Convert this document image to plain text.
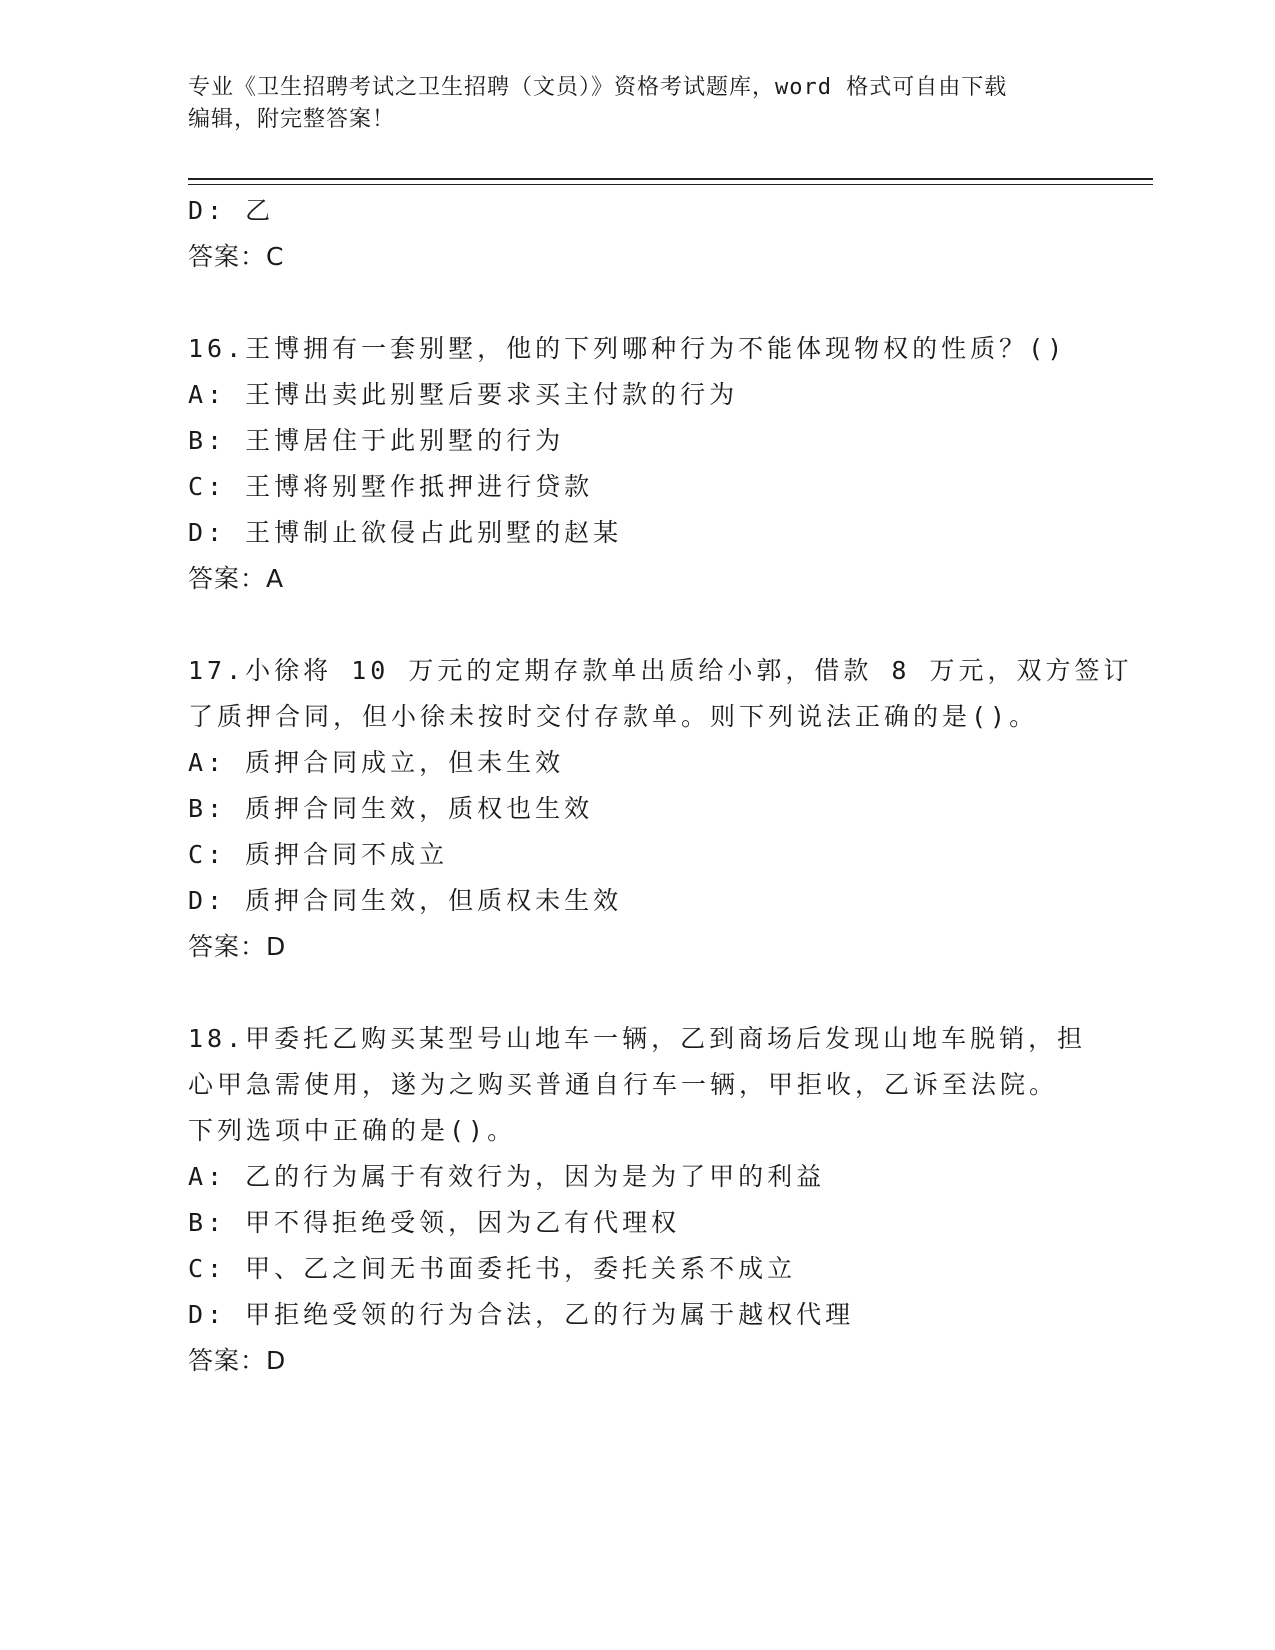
专业《卫生招聘考试之卫生招聘（文员）》资格考试题库，word 格式可自由下载
编辑，附完整答案！
D: 乙
答案：C
16.王博拥有一套别墅，他的下列哪种行为不能体现物权的性质？()
A: 王博出卖此别墅后要求买主付款的行为
B: 王博居住于此别墅的行为
C: 王博将别墅作抵押进行贷款
D: 王博制止欲侵占此别墅的赵某
答案：A
17.小徐将 10 万元的定期存款单出质给小郭，借款 8 万元，双方签订
了质押合同，但小徐未按时交付存款单。则下列说法正确的是()。
A: 质押合同成立，但未生效
B: 质押合同生效，质权也生效
C: 质押合同不成立
D: 质押合同生效，但质权未生效
答案：D
18.甲委托乙购买某型号山地车一辆，乙到商场后发现山地车脱销，担
心甲急需使用，遂为之购买普通自行车一辆，甲拒收，乙诉至法院。
下列选项中正确的是()。
A: 乙的行为属于有效行为，因为是为了甲的利益
B: 甲不得拒绝受领，因为乙有代理权
C: 甲、乙之间无书面委托书，委托关系不成立
D: 甲拒绝受领的行为合法，乙的行为属于越权代理
答案：D
